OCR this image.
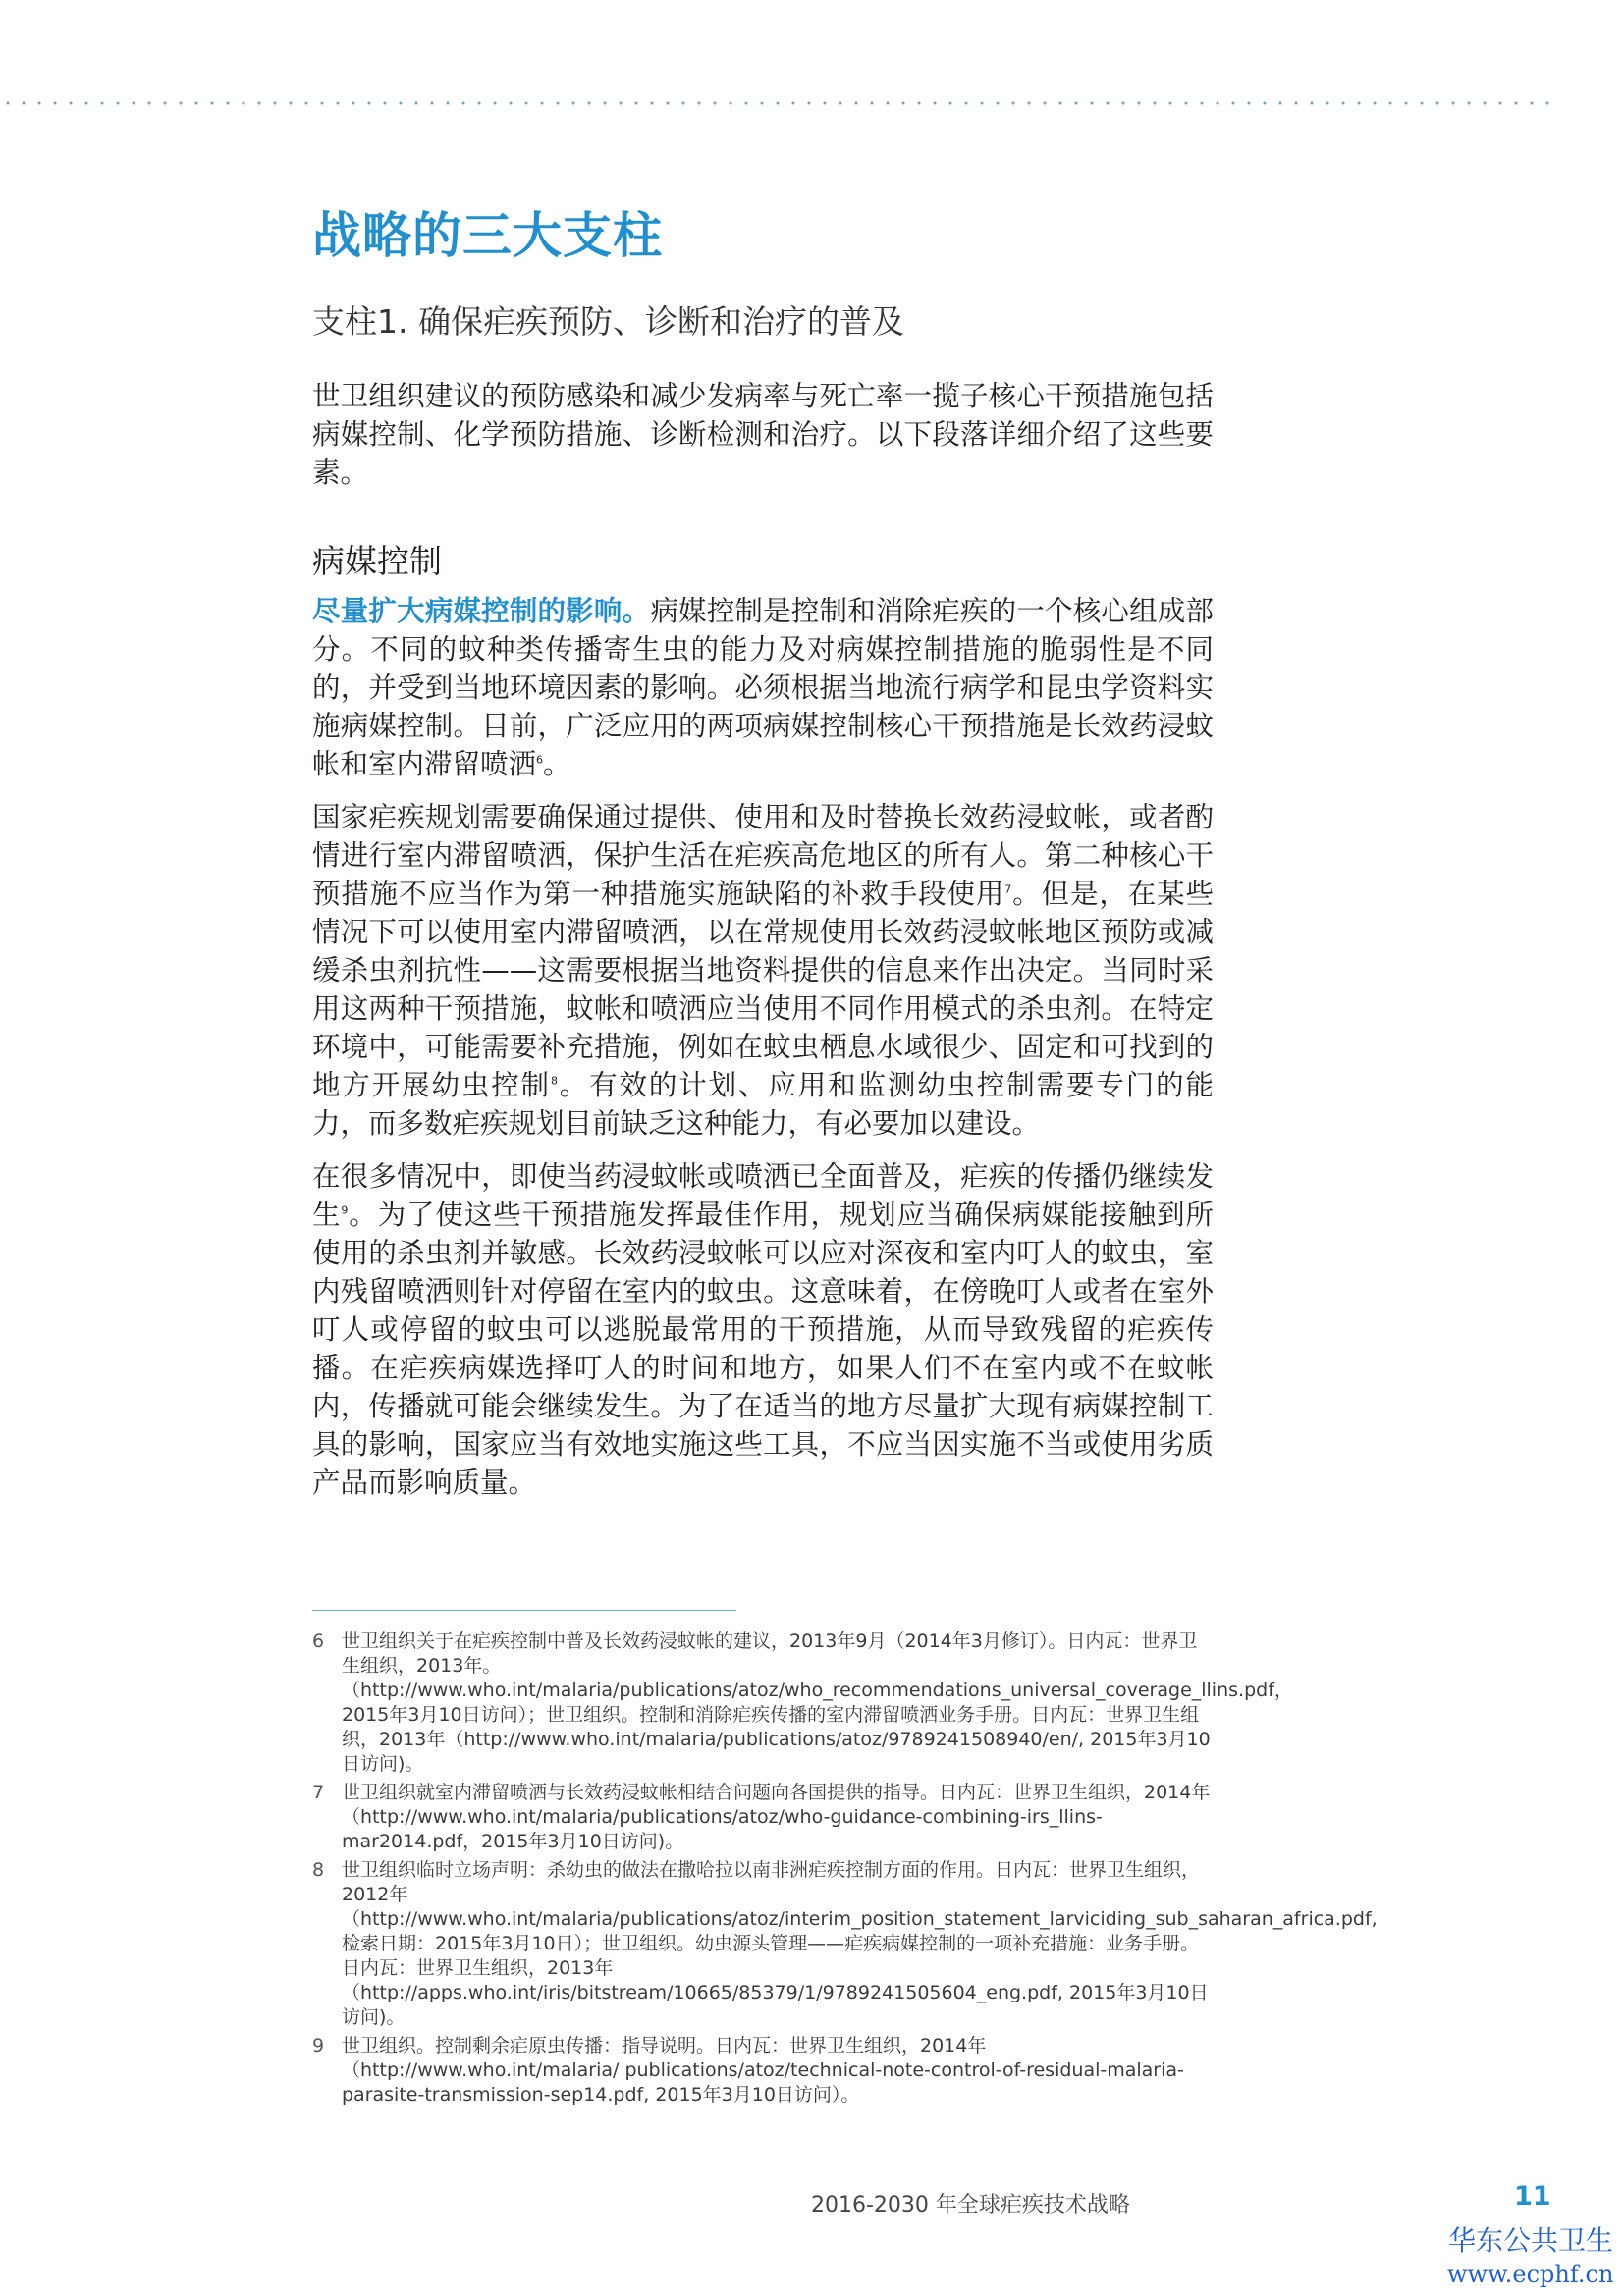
战略的三大支柱
支柱1. 确保疟疾预防、诊断和治疗的普及

世卫组织建议的预防感染和减少发病率与死亡率一揽子核心干预措施包括病媒控制、化学预防措施、诊断检测和治疗。以下段落详细介绍了这些要素。

病媒控制

尽量扩大病媒控制的影响。病媒控制是控制和消除疟疾的一个核心组成部分。不同的蚊种类传播寄生虫的能力及对病媒控制措施的脆弱性是不同的，并受到当地环境因素的影响。必须根据当地流行病学和昆虫学资料实施病媒控制。目前，广泛应用的两项病媒控制核心干预措施是长效药浸蚊帐和室内滞留喷洒$^6$。

国家疟疾规划需要确保通过提供、使用和及时替换长效药浸蚊帐，或者酌情进行室内滞留喷洒，保护生活在疟疾高危地区的所有人。第二种核心干预措施不应当作为第一种措施实施缺陷的补救手段使用$^7$。但是，在某些情况下可以使用室内滞留喷洒，以在常规使用长效药浸蚊帐地区预防或减缓杀虫剂抗性——这需要根据当地资料提供的信息来作出决定。当同时采用这两种干预措施，蚊帐和喷洒应当使用不同作用模式的杀虫剂。在特定环境中，可能需要补充措施，例如在蚊虫栖息水域很少、固定和可找到的地方开展幼虫控制$^8$。有效的计划、应用和监测幼虫控制需要专门的能力，而多数疟疾规划目前缺乏这种能力，有必要加以建设。

在很多情况中，即使当药浸蚊帐或喷洒已全面普及，疟疾的传播仍继续发生$^9$。为了使这些干预措施发挥最佳作用，规划应当确保病媒能接触到所使用的杀虫剂并敏感。长效药浸蚊帐可以应对深夜和室内叮人的蚊虫，室内残留喷洒则针对停留在室内的蚊虫。这意味着，在傍晚叮人或者在室外叮人或停留的蚊虫可以逃脱最常用的干预措施，从而导致残留的疟疾传播。在疟疾病媒选择叮人的时间和地方，如果人们不在室内或不在蚊帐内，传播就可能会继续发生。为了在适当的地方尽量扩大现有病媒控制工具的影响，国家应当有效地实施这些工具，不应当因实施不当或使用劣质产品而影响质量。

6 世卫组织关于在疟疾控制中普及长效药浸蚊帐的建议，2013年9月（2014年3月修订）。日内瓦：世界卫生组织，2013年。（http://www.who.int/malaria/publications/atoz/who_recommendations_universal_coverage_llins.pdf，2015年3月10日访问）；世卫组织。控制和消除疟疾传播的室内滞留喷洒业务手册。日内瓦：世界卫生组织，2013年（http://www.who.int/malaria/publications/atoz/9789241508940/en/, 2015年3月10日访问)。
7 世卫组织就室内滞留喷洒与长效药浸蚊帐相结合问题向各国提供的指导。日内瓦：世界卫生组织，2014年（http://www.who.int/malaria/publications/atoz/who-guidance-combining-irs_llins-mar2014.pdf，2015年3月10日访问)。
8 世卫组织临时立场声明：杀幼虫的做法在撒哈拉以南非洲疟疾控制方面的作用。日内瓦：世界卫生组织，2012年（http://www.who.int/malaria/publications/atoz/interim_position_statement_larviciding_sub_saharan_africa.pdf, 检索日期：2015年3月10日）；世卫组织。幼虫源头管理——疟疾病媒控制的一项补充措施：业务手册。日内瓦：世界卫生组织，2013年（http://apps.who.int/iris/bitstream/10665/85379/1/9789241505604_eng.pdf, 2015年3月10日访问)。
9 世卫组织。控制剩余疟原虫传播：指导说明。日内瓦：世界卫生组织，2014年（http://www.who.int/malaria/ publications/atoz/technical-note-control-of-residual-malaria-parasite-transmission-sep14.pdf, 2015年3月10日访问）。
2016-2030 年全球疟疾技术战略	11
华东公共卫生
www.ecphf.cn
